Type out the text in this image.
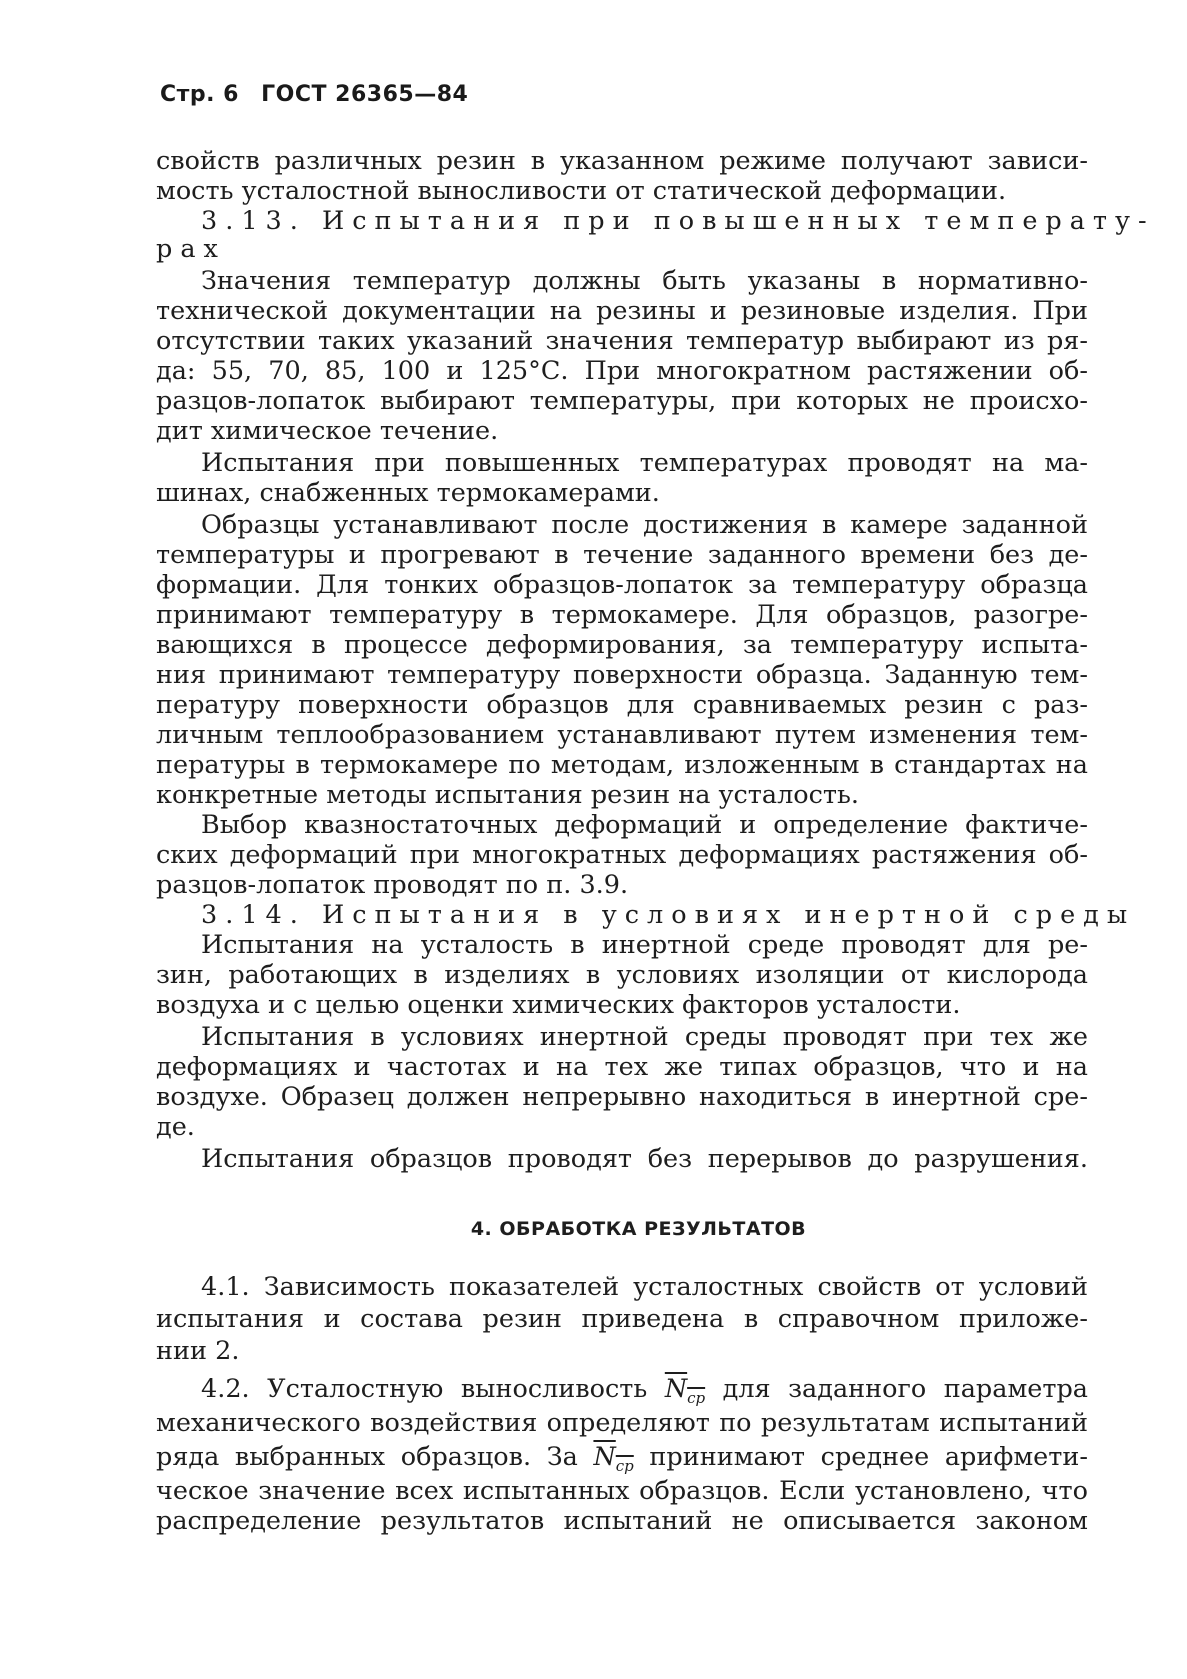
Стр. 6 ГОСТ 26365—84
свойств различных резин в указанном режиме получают зависи-
мость усталостной выносливости от статической деформации.
3.13. Испытания при повышенных температу-
рах
Значения температур должны быть указаны в нормативно-
технической документации на резины и резиновые изделия. При
отсутствии таких указаний значения температур выбирают из ря-
да: 55, 70, 85, 100 и 125°С. При многократном растяжении об-
разцов-лопаток выбирают температуры, при которых не происхо-
дит химическое течение.
Испытания при повышенных температурах проводят на ма-
шинах, снабженных термокамерами.
Образцы устанавливают после достижения в камере заданной
температуры и прогревают в течение заданного времени без де-
формации. Для тонких образцов-лопаток за температуру образца
принимают температуру в термокамере. Для образцов, разогре-
вающихся в процессе деформирования, за температуру испыта-
ния принимают температуру поверхности образца. Заданную тем-
пературу поверхности образцов для сравниваемых резин с раз-
личным теплообразованием устанавливают путем изменения тем-
пературы в термокамере по методам, изложенным в стандартах на
конкретные методы испытания резин на усталость.
Выбор квазностаточных деформаций и определение фактиче-
ских деформаций при многократных деформациях растяжения об-
разцов-лопаток проводят по п. 3.9.
3.14. Испытания в условиях инертной среды
Испытания на усталость в инертной среде проводят для ре-
зин, работающих в изделиях в условиях изоляции от кислорода
воздуха и с целью оценки химических факторов усталости.
Испытания в условиях инертной среды проводят при тех же
деформациях и частотах и на тех же типах образцов, что и на
воздухе. Образец должен непрерывно находиться в инертной сре-
де.
Испытания образцов проводят без перерывов до разрушения.
4. ОБРАБОТКА РЕЗУЛЬТАТОВ
4.1. Зависимость показателей усталостных свойств от условий
испытания и состава резин приведена в справочном приложе-
нии 2.
4.2. Усталостную выносливость $N_{ср}$ для заданного параметра
механического воздействия определяют по результатам испытаний
ряда выбранных образцов. За $N_{ср}$ принимают среднее арифмети-
ческое значение всех испытанных образцов. Если установлено, что
распределение результатов испытаний не описывается законом
